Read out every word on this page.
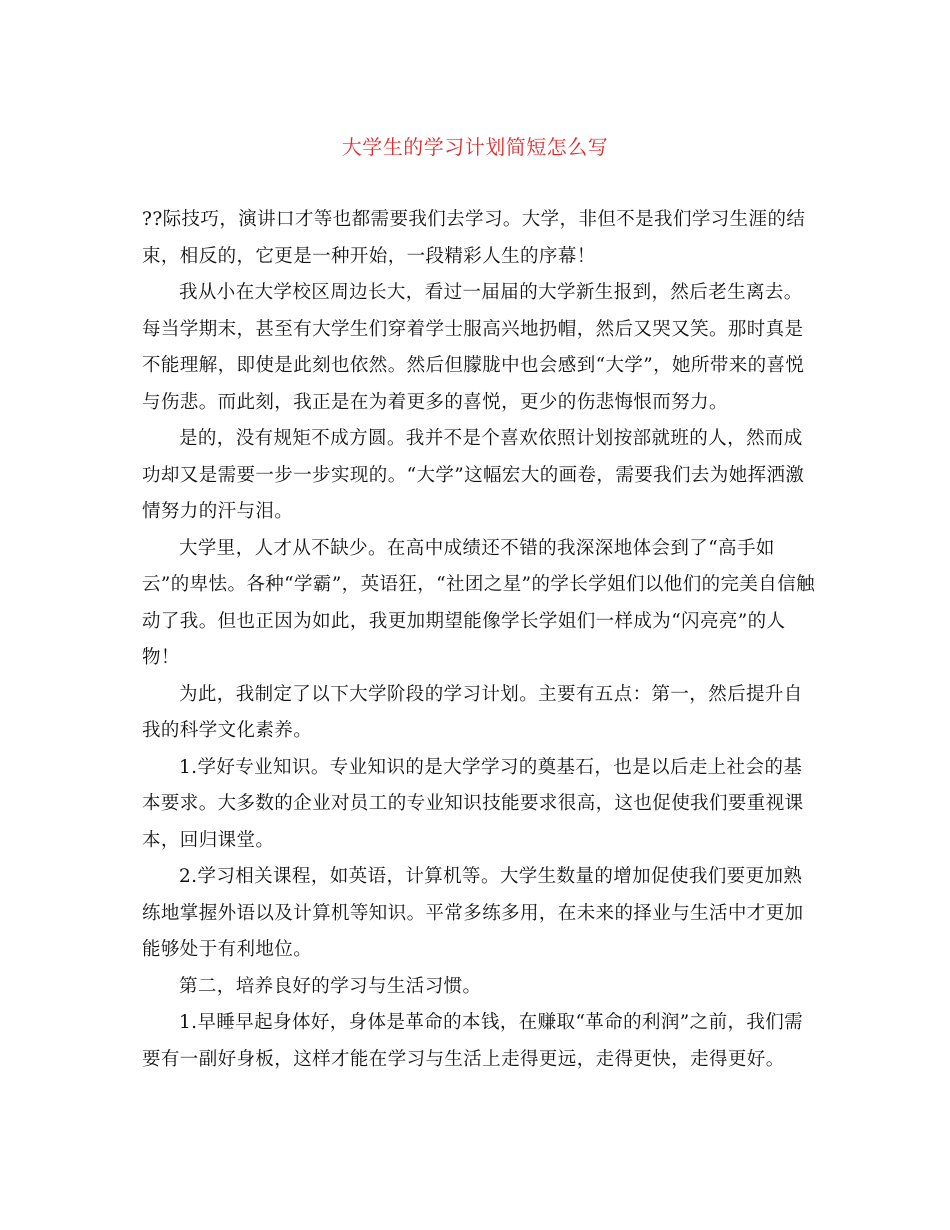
大学生的学习计划简短怎么写
??际技巧，演讲口才等也都需要我们去学习。大学，非但不是我们学习生涯的结
束，相反的，它更是一种开始，一段精彩人生的序幕！
我从小在大学校区周边长大，看过一届届的大学新生报到，然后老生离去。
每当学期末，甚至有大学生们穿着学士服高兴地扔帽，然后又哭又笑。那时真是
不能理解，即使是此刻也依然。然后但朦胧中也会感到“大学”，她所带来的喜悦
与伤悲。而此刻，我正是在为着更多的喜悦，更少的伤悲悔恨而努力。
是的，没有规矩不成方圆。我并不是个喜欢依照计划按部就班的人，然而成
功却又是需要一步一步实现的。“大学”这幅宏大的画卷，需要我们去为她挥洒激
情努力的汗与泪。
大学里，人才从不缺少。在高中成绩还不错的我深深地体会到了“高手如
云”的卑怯。各种“学霸”，英语狂，“社团之星”的学长学姐们以他们的完美自信触
动了我。但也正因为如此，我更加期望能像学长学姐们一样成为“闪亮亮”的人
物！
为此，我制定了以下大学阶段的学习计划。主要有五点：第一，然后提升自
我的科学文化素养。
1.学好专业知识。专业知识的是大学学习的奠基石，也是以后走上社会的基
本要求。大多数的企业对员工的专业知识技能要求很高，这也促使我们要重视课
本，回归课堂。
2.学习相关课程，如英语，计算机等。大学生数量的增加促使我们要更加熟
练地掌握外语以及计算机等知识。平常多练多用，在未来的择业与生活中才更加
能够处于有利地位。
第二，培养良好的学习与生活习惯。
1.早睡早起身体好，身体是革命的本钱，在赚取“革命的利润”之前，我们需
要有一副好身板，这样才能在学习与生活上走得更远，走得更快，走得更好。
